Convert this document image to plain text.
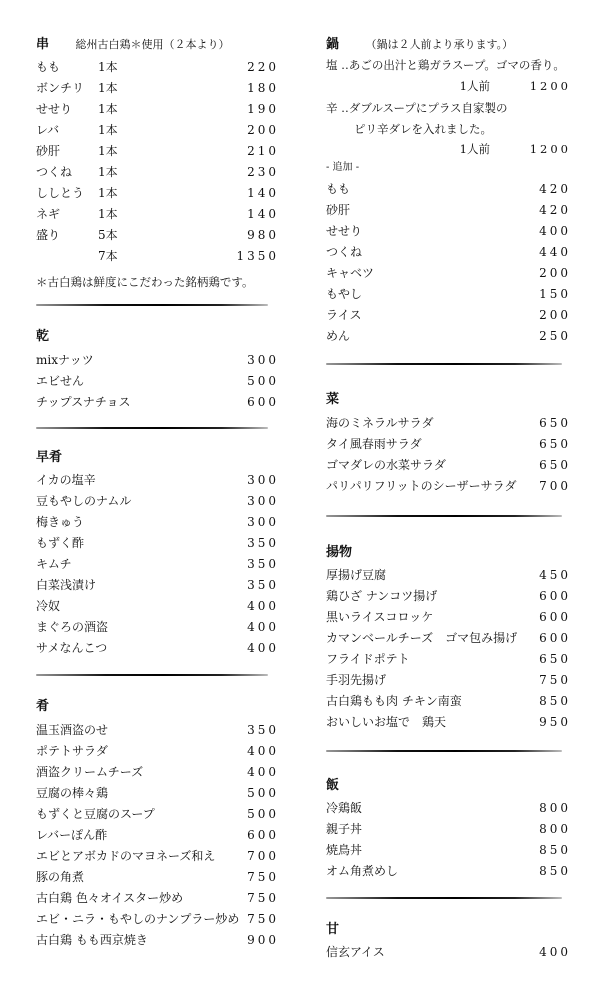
串 総州古白鶏＊使用（２本より）
もも	1本	220
ボンチリ 1本	180
せせり 1本	190
レバ	1本	200
砂肝	1本	210
つくね 1本	230
ししとう 1本	140
ネギ	1本	140
盛り	5本	980
7本	1350
＊古白鶏は鮮度にこだわった銘柄鶏です。
乾
mixナッツ	300
エビせん	500
チップスナチョス	600
早肴
イカの塩辛	300
豆もやしのナムル	300
梅きゅう	300
もずく酢	350
キムチ	350
白菜浅漬け	350
冷奴	400
まぐろの酒盗	400
サメなんこつ	400
肴
温玉酒盗のせ	350
ポテトサラダ	400
酒盗クリームチーズ	400
豆腐の棒々鶏	500
もずくと豆腐のスープ	500
レバーぽん酢	600
エビとアボカドのマヨネーズ和え	700
豚の角煮	750
古白鶏 色々オイスター炒め	750
エビ・ニラ・もやしのナンプラー炒め 750
古白鶏 もも西京焼き	900
鍋 （鍋は２人前より承ります。）
塩 ‥あごの出汁と鶏ガラスープ。ゴマの香り。
1人前	1200
辛 ‥ダブルスープにプラス自家製の
ピリ辛ダレを入れました。
1人前	1200
- 追加 -
もも	420
砂肝	420
せせり	400
つくね	440
キャベツ	200
もやし	150
ライス	200
めん	250
菜
海のミネラルサラダ	650
タイ風春雨サラダ	650
ゴマダレの水菜サラダ	650
パリパリフリットのシーザーサラダ 700
揚物
厚揚げ豆腐	450
鶏ひざ ナンコツ揚げ	600
黒いライスコロッケ	600
カマンベールチーズ　ゴマ包み揚げ 600
フライドポテト	650
手羽先揚げ	750
古白鶏もも肉 チキン南蛮	850
おいしいお塩で　鶏天	950
飯
冷鶏飯	800
親子丼	800
焼鳥丼	850
オム角煮めし	850
甘
信玄アイス	400
